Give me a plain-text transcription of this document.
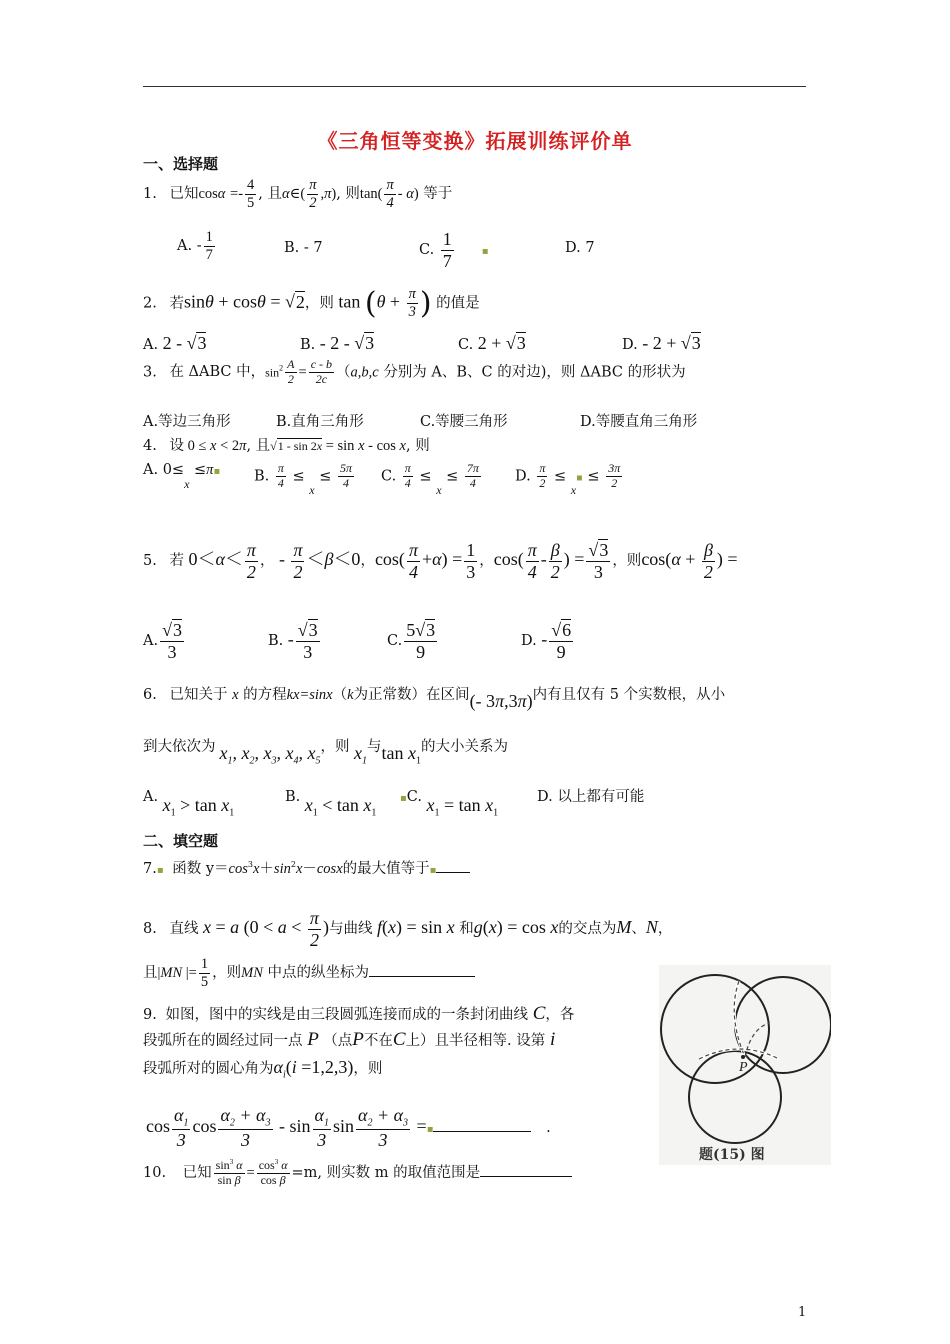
《三角恒等变换》拓展训练评价单
一、选择题
1. 已知$\cos\alpha =- \frac{4}{5}$ , 且α∈( $\frac{\pi}{2} ,\pi$), 则$\tan( \frac{\pi}{4} - \alpha)$ 等于
A. - $\frac{1}{7}$	B. - 7	C. $\frac{1}{7}$	▪	D. 7
2. 若sinθ + cosθ = √2，则 $\tan (\theta + \frac{\pi}{3}$ ) 的值是
A. 2 - √3	B. - 2 - √3	C. 2 + √3	D. - 2 + √3
3. 在 ΔABC 中，$\sin^2 \frac{A}{2} = \frac{c - b}{2c} (a,b,c$ 分别为 A、B、C 的对边)，则 ΔABC 的形状为
A.等边三角形	B.直角三角形	C.等腰三角形	D.等腰直角三角形
4. 设 0 ≤ x < 2π, 且√1 - sin 2x = sin x - cos x, 则
A. $0\le_x$ ≤π▪ B. $\frac{\pi}{4} \le _x \le \frac{5\pi}{4} C$. $\frac{\pi}{4} \le _x \le \frac{7\pi}{4} D$. $\frac{\pi}{2}$ ≤ $_x$▪ ≤ $\frac{3\pi}{2}$
5. 若 $0<\alpha< \frac{\pi}{2}$ ， - $\frac{\pi}{2} <\beta<0$，$\cos( \frac{\pi}{4} +\alpha) = \frac{1}{3}$ ，$\cos( \frac{\pi}{4} - \frac{\beta}{2}$ ) = $\frac{√3}{3}$ ，则$\cos(\alpha + \frac{\beta}{2}$ ) =
A. $\frac{√3}{3}$	B. - $\frac{√3}{3}$	C. $\frac{5√3}{9}$	D. - $\frac{√6}{9}$
6. 已知关于 x 的方程kx=sinx（k为正常数）在区间(- 3π,3π)内有且仅有 5 个实数根，从小
到大依次为 $x_1$, $x_2$, $x_3$, $x_4$, $x_5$，则 $x_1$与$\tan x_1$的大小关系为
A. $x_1 > \tan x_1$
B. $x_1 < \tan x_1$
▪C. $x_1 = \tan x_1$
D. 以上都有可能
二、填空题
7.▪ 函数 $y=\cos^3x+\sin^2x-\cos x$的最大值等于▪
8. 直线 x = a ($0 < a < \frac{\pi}{2}$ )与曲线 f(x) = sin x 和g(x) = cos x的交点为M、N，
且|MN |= $\frac{1}{5}$ ，则MN 中点的纵坐标为
9. 如图，图中的实线是由三段圆弧连接而成的一条封闭曲线 C，各
段弧所在的圆经过同一点 P （点P不在C上）且半径相等. 设第 i
段弧所对的圆心角为$\alpha_i(i =1,2,3)$，则
$\cos \frac{\alpha_1}{3}$ $\cos \frac{\alpha_2 + \alpha_3}{3}$ - $\sin \frac{\alpha_1}{3}$ $\sin \frac{\alpha_2 + \alpha_3}{3}$ =▪	.
P
题(15) 图
10. 已知 $\frac{\sin^3 \alpha}{\text{sin β}} = \frac{\cos^3 \alpha}{\text{cos β}} =m$, 则实数 m 的取值范围是
1
